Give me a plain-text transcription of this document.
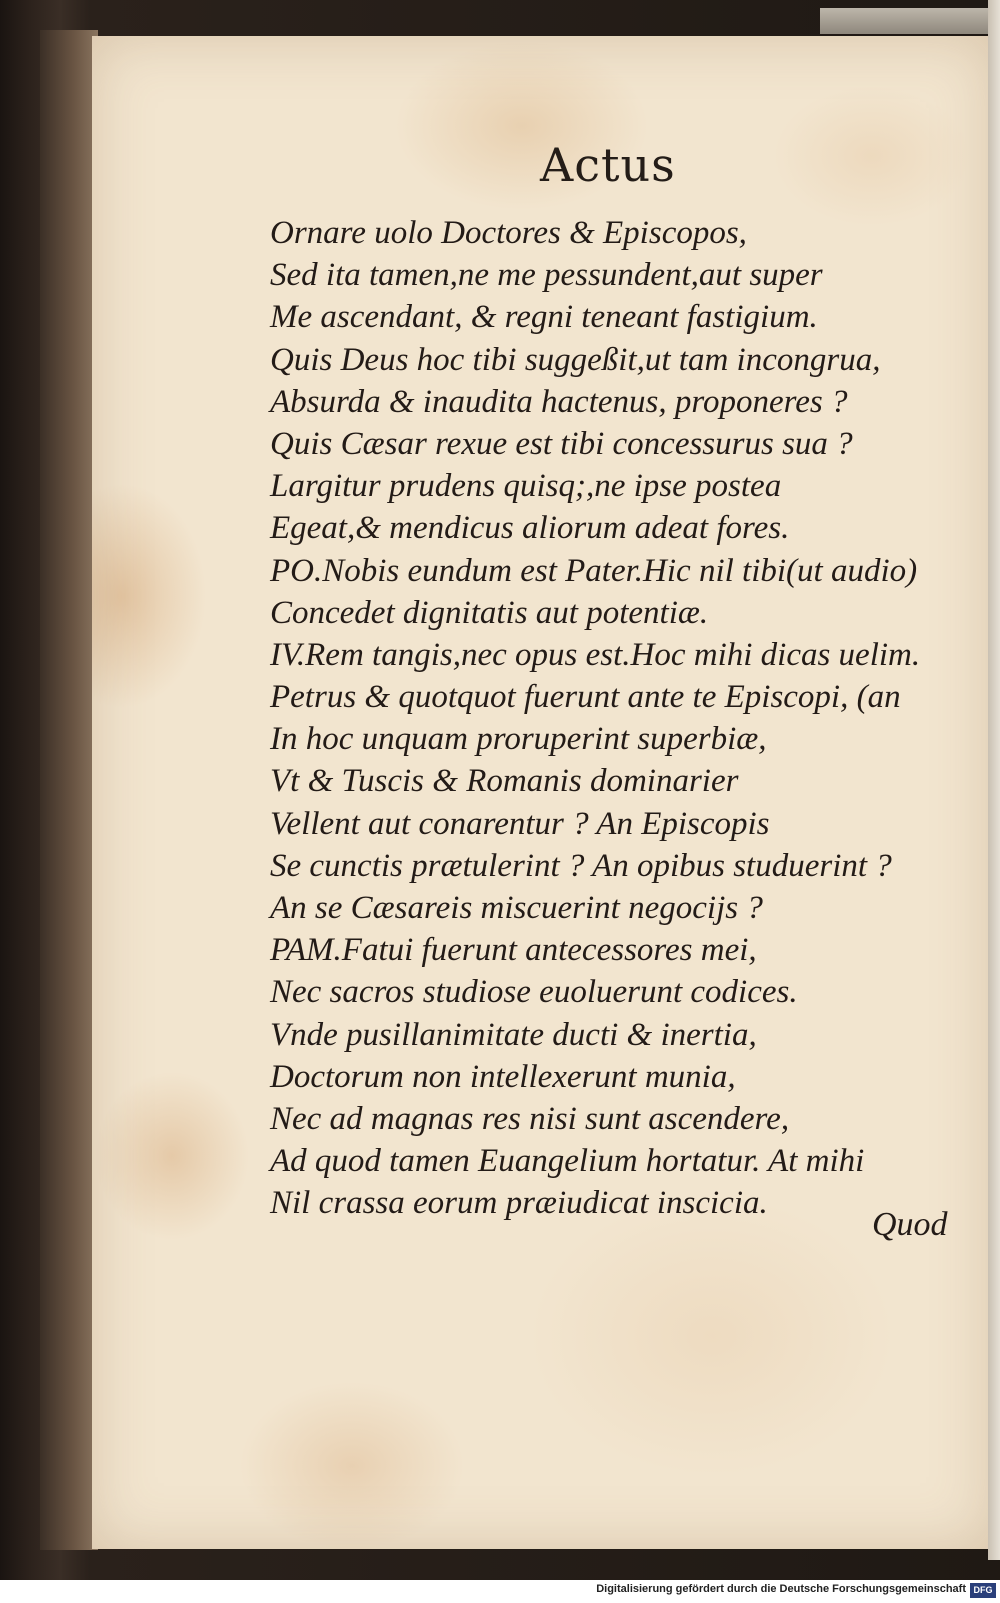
Actus
Ornare uolo Doctores & Episcopos,
Sed ita tamen,ne me pessundent,aut super
Me ascendant, & regni teneant fastigium.
Quis Deus hoc tibi suggeßit,ut tam incongrua,
Absurda & inaudita hactenus, proponeres ?
Quis Cæsar rexue est tibi concessurus sua ?
Largitur prudens quisq;,ne ipse postea
Egeat,& mendicus aliorum adeat fores.
PO.Nobis eundum est Pater.Hic nil tibi(ut audio)
Concedet dignitatis aut potentiæ.
IV.Rem tangis,nec opus est.Hoc mihi dicas uelim.
Petrus & quotquot fuerunt ante te Episcopi, (an
In hoc unquam proruperint superbiæ,
Vt & Tuscis & Romanis dominarier
Vellent aut conarentur ? An Episcopis
Se cunctis prætulerint ? An opibus studuerint ?
An se Cæsareis miscuerint negocijs ?
PAM.Fatui fuerunt antecessores mei,
Nec sacros studiose euoluerunt codices.
Vnde pusillanimitate ducti & inertia,
Doctorum non intellexerunt munia,
Nec ad magnas res nisi sunt ascendere,
Ad quod tamen Euangelium hortatur. At mihi
Nil crassa eorum præiudicat inscicia.
Quod
Digitalisierung gefördert durch die Deutsche Forschungsgemeinschaft DFG
